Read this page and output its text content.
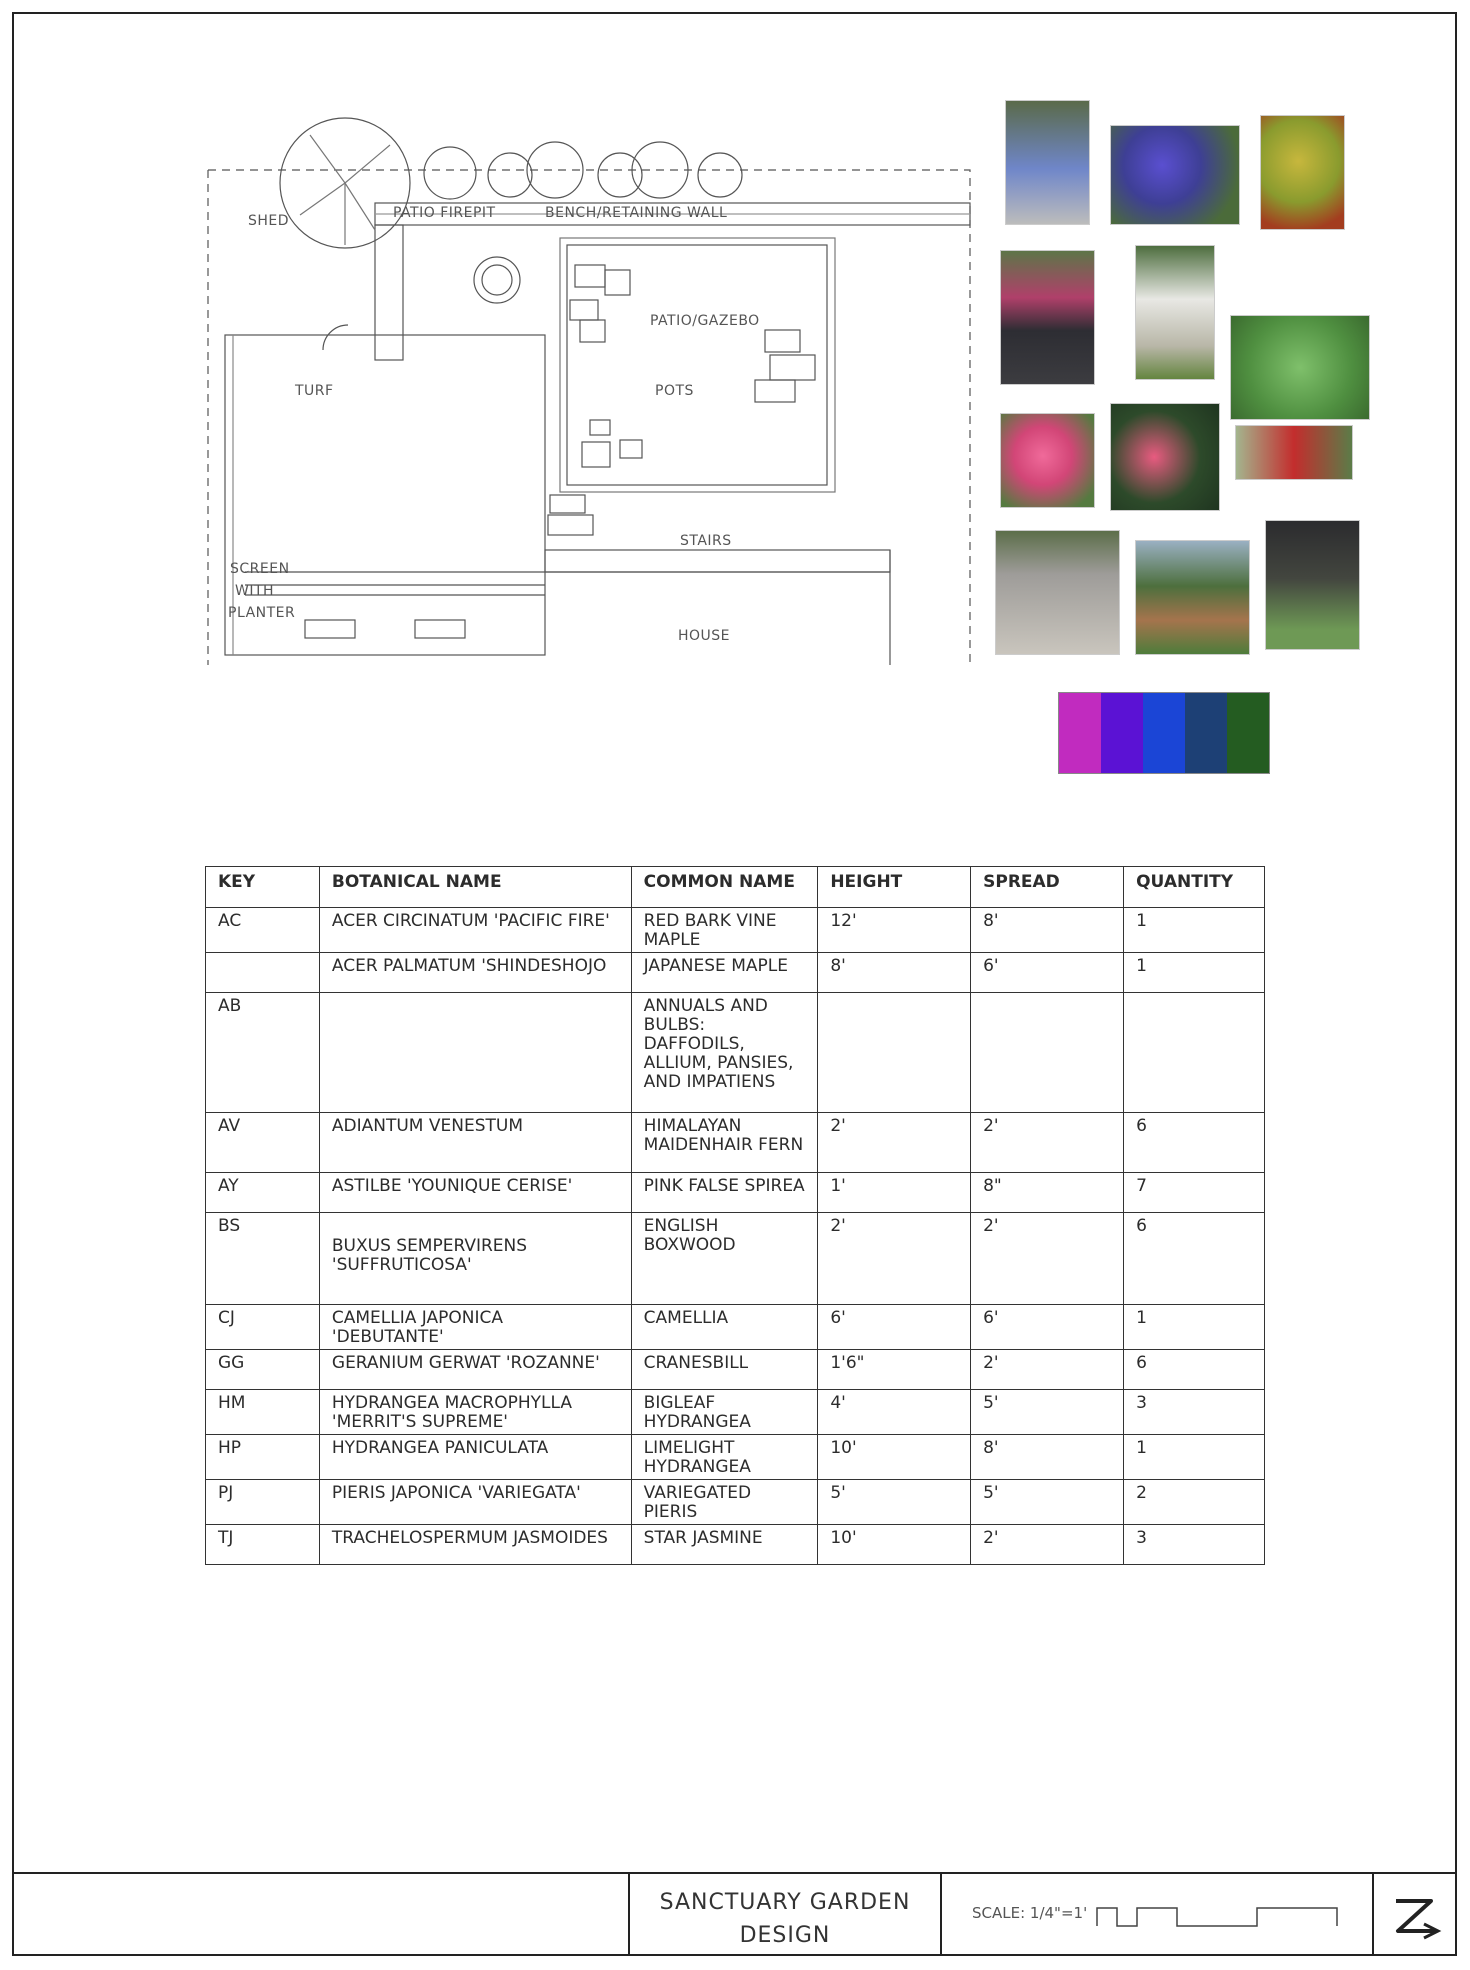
SHED	PATIO FIREPIT	BENCH/RETAINING WALL
PATIO/GAZEBO
TURF	POTS
STAIRS
HOUSE
SCREEN
WITH
PLANTER
KEY	BOTANICAL NAME	COMMON NAME	HEIGHT	SPREAD	QUANTITY
AC	ACER CIRCINATUM 'PACIFIC FIRE'	RED BARK VINE MAPLE	12'	8'	1
	ACER PALMATUM 'SHINDESHOJO	JAPANESE MAPLE	8'	6'	1
AB		ANNUALS AND BULBS: DAFFODILS, ALLIUM, PANSIES, AND IMPATIENS			
AV	ADIANTUM VENESTUM	HIMALAYAN MAIDENHAIR FERN	2'	2'	6
AY	ASTILBE 'YOUNIQUE CERISE'	PINK FALSE SPIREA	1'	8"	7
BS	BUXUS SEMPERVIRENS 'SUFFRUTICOSA'	ENGLISH BOXWOOD	2'	2'	6
CJ	CAMELLIA JAPONICA 'DEBUTANTE'	CAMELLIA	6'	6'	1
GG	GERANIUM GERWAT 'ROZANNE'	CRANESBILL	1'6"	2'	6
HM	HYDRANGEA MACROPHYLLA 'MERRIT'S SUPREME'	BIGLEAF HYDRANGEA	4'	5'	3
HP	HYDRANGEA PANICULATA	LIMELIGHT HYDRANGEA	10'	8'	1
PJ	PIERIS JAPONICA 'VARIEGATA'	VARIEGATED PIERIS	5'	5'	2
TJ	TRACHELOSPERMUM JASMOIDES	STAR JASMINE	10'	2'	3
SANCTUARY GARDEN
DESIGN
SCALE: 1/4"=1'
